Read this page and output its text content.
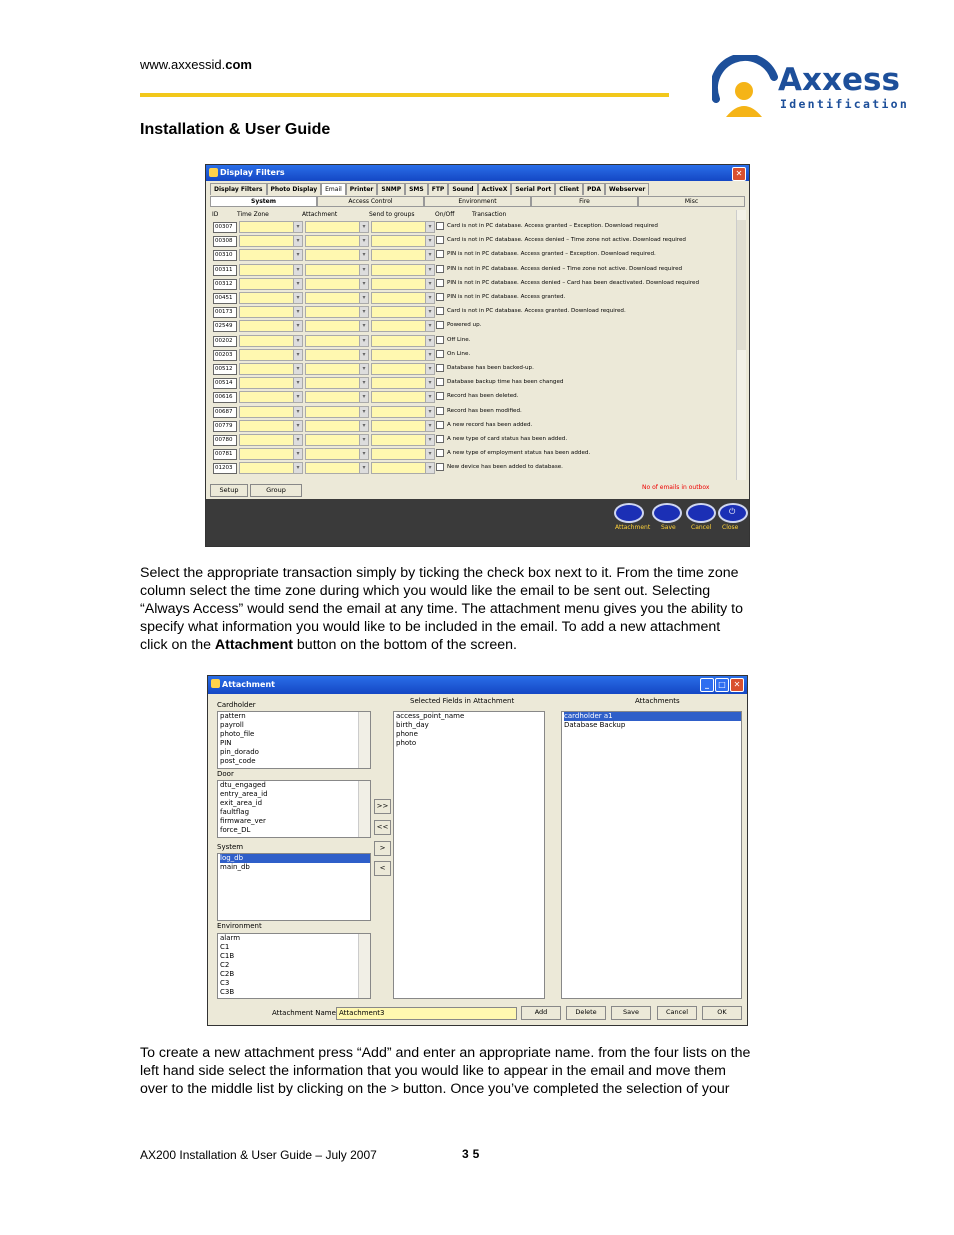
www.axxessid.com	Axxess
Identification
Installation & User Guide
Display Filters	✕
Display Filters	Photo Display	Email	Printer	SNMP	SMS	FTP	Sound	ActiveX	Serial Port	Client	PDA	Webserver
System	Access Control	Environment	Fire	Misc
ID	Time Zone	Attachment	Send to groups	On/Off	Transaction
00307 ▾ ▾ ▾	Card is not in PC database. Access granted – Exception. Download required
00308 ▾ ▾ ▾	Card is not in PC database. Access denied – Time zone not active. Download required
00310 ▾ ▾ ▾	PIN is not in PC database. Access granted – Exception. Download required.
00311 ▾ ▾ ▾	PIN is not in PC database. Access denied – Time zone not active. Download required
00312 ▾ ▾ ▾	PIN is not in PC database. Access denied – Card has been deactivated. Download required
00451 ▾ ▾ ▾	PIN is not in PC database. Access granted.
00173 ▾ ▾ ▾	Card is not in PC database. Access granted. Download required.
02549 ▾ ▾ ▾	Powered up.
00202 ▾ ▾ ▾	Off Line.
00203 ▾ ▾ ▾	On Line.
00512 ▾ ▾ ▾	Database has been backed-up.
00514 ▾ ▾ ▾	Database backup time has been changed
00616 ▾ ▾ ▾	Record has been deleted.
00687 ▾ ▾ ▾	Record has been modified.
00779 ▾ ▾ ▾	A new record has been added.
00780 ▾ ▾ ▾	A new type of card status has been added.
00781 ▾ ▾ ▾	A new type of employment status has been added.
01203 ▾ ▾ ▾	New device has been added to database.
Setup	Group	No of emails in outbox
⏻
Attachment Save	Cancel Close
Select the appropriate transaction simply by ticking the check box next to it. From the time zone
column select the time zone during which you would like the email to be sent out. Selecting
“Always Access” would send the email at any time. The attachment menu gives you the ability to
specify what information you would like to be included in the email. To add a new attachment
click on the Attachment button on the bottom of the screen.
Attachment	_	□ ✕
Cardholder
pattern
payroll
photo_file
PIN
pin_dorado
post_code
Door
dtu_engaged
entry_area_id
exit_area_id
faultflag
firmware_ver
force_DL
System
log_db
main_db
Environment
alarm
C1
C1B
C2
C2B
C3
C3B
>>
<<
>
<
Selected Fields in Attachment
access_point_name
birth_day
phone
photo
Attachments
cardholder a1
Database Backup
Attachment Name Attachment3	Add	Delete	Save	Cancel	OK
To create a new attachment press “Add” and enter an appropriate name. from the four lists on the
left hand side select the information that you would like to appear in the email and move them
over to the middle list by clicking on the > button. Once you’ve completed the selection of your
AX200 Installation & User Guide – July 2007	35
